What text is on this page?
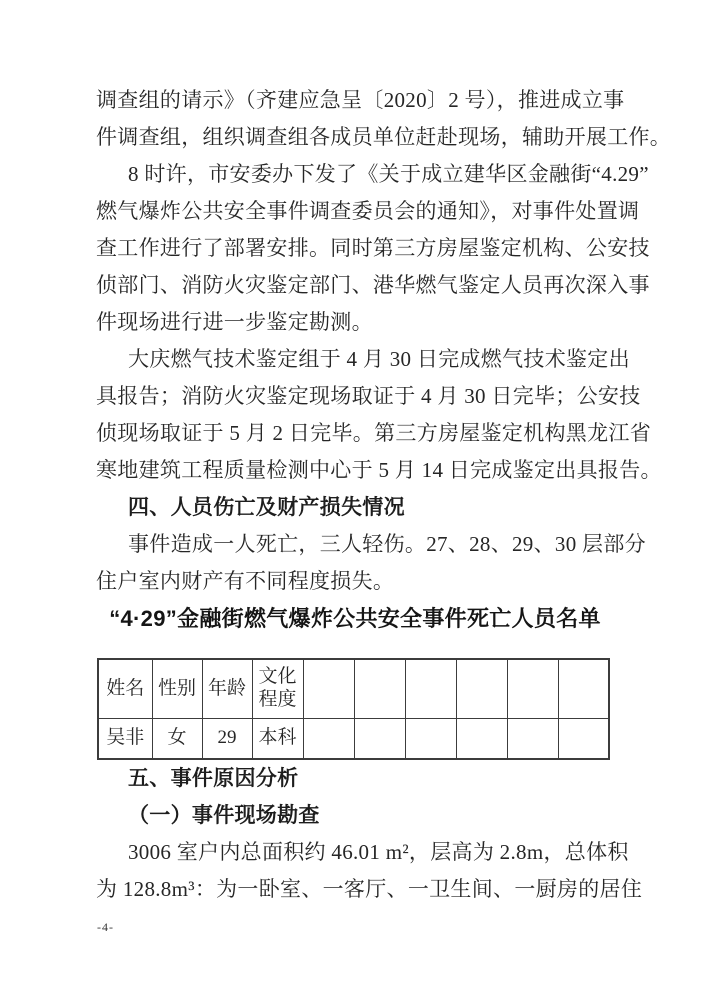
调查组的请示》（齐建应急呈〔2020〕2 号），推进成立事
件调查组，组织调查组各成员单位赶赴现场，辅助开展工作。
8 时许，市安委办下发了《关于成立建华区金融街“4.29”
燃气爆炸公共安全事件调查委员会的通知》，对事件处置调
查工作进行了部署安排。同时第三方房屋鉴定机构、公安技
侦部门、消防火灾鉴定部门、港华燃气鉴定人员再次深入事
件现场进行进一步鉴定勘测。
大庆燃气技术鉴定组于 4 月 30 日完成燃气技术鉴定出
具报告；消防火灾鉴定现场取证于 4 月 30 日完毕；公安技
侦现场取证于 5 月 2 日完毕。第三方房屋鉴定机构黑龙江省
寒地建筑工程质量检测中心于 5 月 14 日完成鉴定出具报告。
四、人员伤亡及财产损失情况
事件造成一人死亡，三人轻伤。27、28、29、30 层部分
住户室内财产有不同程度损失。
“4·29”金融街燃气爆炸公共安全事件死亡人员名单
姓名	性别	年龄	文化程度						
吴非	女	29	本科						
五、事件原因分析
（一）事件现场勘查
3006 室户内总面积约 46.01 m²，层高为 2.8m，总体积
为 128.8m³：为一卧室、一客厅、一卫生间、一厨房的居住
-4-
